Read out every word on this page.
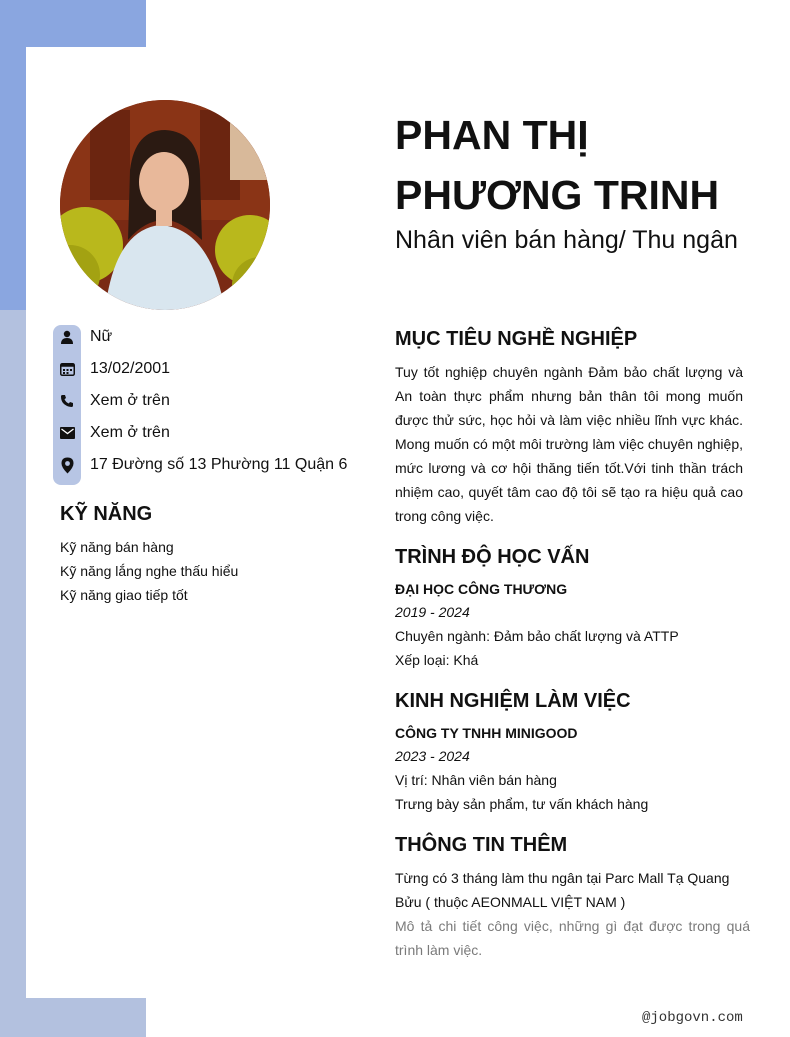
Nữ
13/02/2001
Xem ở trên
Xem ở trên
17 Đường số 13 Phường 11 Quận 6
KỸ NĂNG
Kỹ năng bán hàng
Kỹ năng lắng nghe thấu hiểu
Kỹ năng giao tiếp tốt
PHAN THỊ PHƯƠNG TRINH
Nhân viên bán hàng/ Thu ngân
MỤC TIÊU NGHỀ NGHIỆP
Tuy tốt nghiệp chuyên ngành Đảm bảo chất lượng và An toàn thực phẩm nhưng bản thân tôi mong muốn được thử sức, học hỏi và làm việc nhiều lĩnh vực khác. Mong muốn có một môi trường làm việc chuyên nghiệp, mức lương và cơ hội thăng tiến tốt.Với tinh thần trách nhiệm cao, quyết tâm cao độ tôi sẽ tạo ra hiệu quả cao trong công việc.
TRÌNH ĐỘ HỌC VẤN
ĐẠI HỌC CÔNG THƯƠNG
2019 - 2024
Chuyên ngành: Đảm bảo chất lượng và ATTP
Xếp loại: Khá
KINH NGHIỆM LÀM VIỆC
CÔNG TY TNHH MINIGOOD
2023 - 2024
Vị trí: Nhân viên bán hàng
Trưng bày sản phẩm, tư vấn khách hàng
THÔNG TIN THÊM
Từng có 3 tháng làm thu ngân tại Parc Mall Tạ Quang Bửu ( thuộc AEONMALL VIỆT NAM )
Mô tả chi tiết công việc, những gì đạt được trong quá trình làm việc.
@jobgovn.com
